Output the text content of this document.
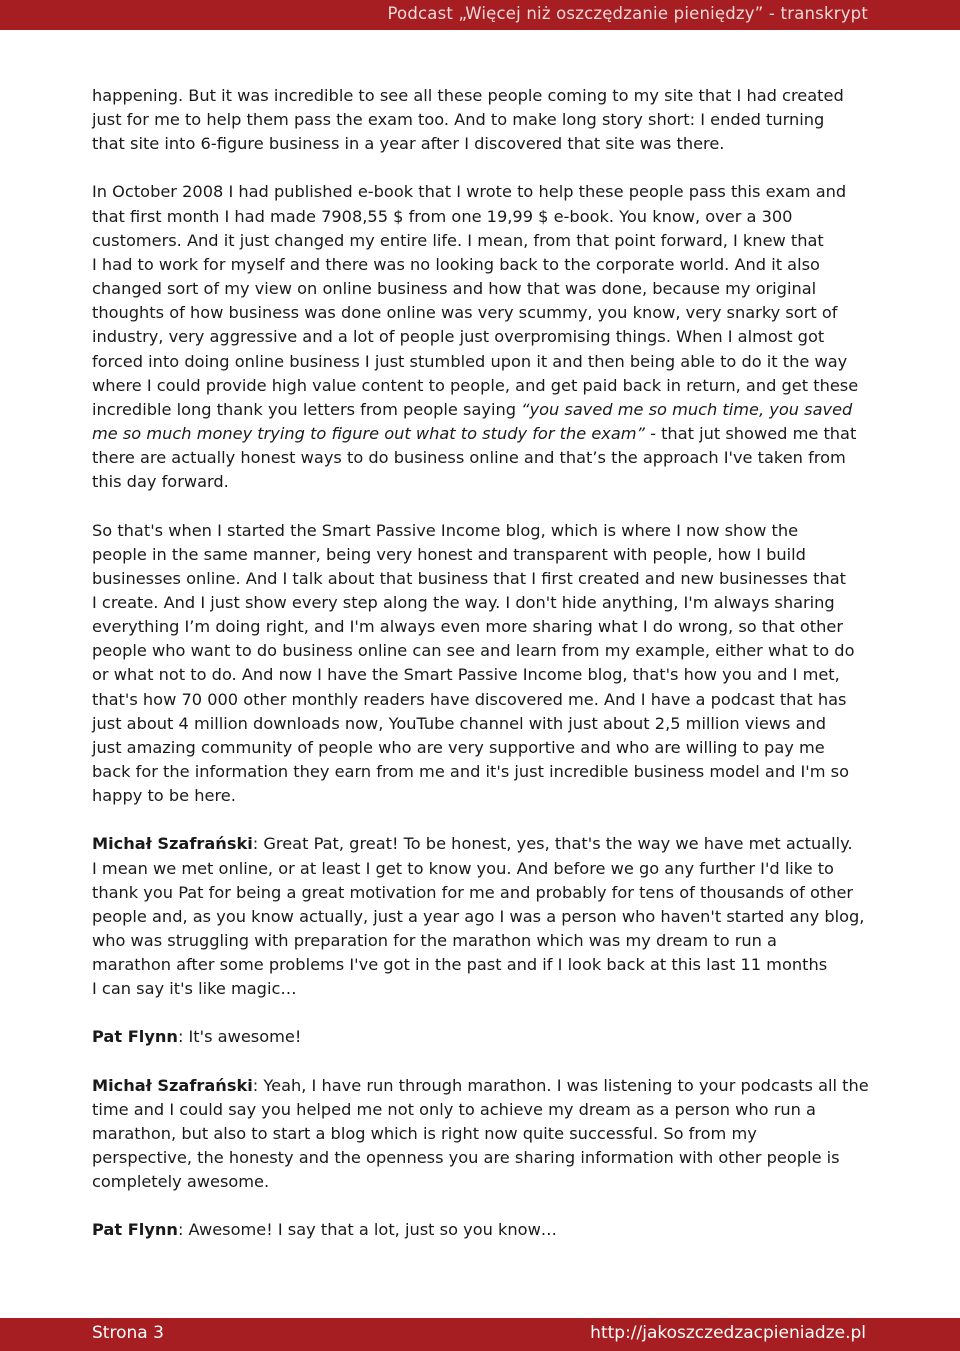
Podcast „Więcej niż oszczędzanie pieniędzy” - transkrypt
happening. But it was incredible to see all these people coming to my site that I had created
just for me to help them pass the exam too. And to make long story short: I ended turning
that site into 6-figure business in a year after I discovered that site was there.
In October 2008 I had published e-book that I wrote to help these people pass this exam and
that first month I had made 7908,55 $ from one 19,99 $ e-book. You know, over a 300
customers. And it just changed my entire life. I mean, from that point forward, I knew that
I had to work for myself and there was no looking back to the corporate world. And it also
changed sort of my view on online business and how that was done, because my original
thoughts of how business was done online was very scummy, you know, very snarky sort of
industry, very aggressive and a lot of people just overpromising things. When I almost got
forced into doing online business I just stumbled upon it and then being able to do it the way
where I could provide high value content to people, and get paid back in return, and get these
incredible long thank you letters from people saying “you saved me so much time, you saved
me so much money trying to figure out what to study for the exam” - that jut showed me that
there are actually honest ways to do business online and that’s the approach I've taken from
this day forward.
So that's when I started the Smart Passive Income blog, which is where I now show the
people in the same manner, being very honest and transparent with people, how I build
businesses online. And I talk about that business that I first created and new businesses that
I create. And I just show every step along the way. I don't hide anything, I'm always sharing
everything I’m doing right, and I'm always even more sharing what I do wrong, so that other
people who want to do business online can see and learn from my example, either what to do
or what not to do. And now I have the Smart Passive Income blog, that's how you and I met,
that's how 70 000 other monthly readers have discovered me. And I have a podcast that has
just about 4 million downloads now, YouTube channel with just about 2,5 million views and
just amazing community of people who are very supportive and who are willing to pay me
back for the information they earn from me and it's just incredible business model and I'm so
happy to be here.
Michał Szafrański: Great Pat, great! To be honest, yes, that's the way we have met actually.
I mean we met online, or at least I get to know you. And before we go any further I'd like to
thank you Pat for being a great motivation for me and probably for tens of thousands of other
people and, as you know actually, just a year ago I was a person who haven't started any blog,
who was struggling with preparation for the marathon which was my dream to run a
marathon after some problems I've got in the past and if I look back at this last 11 months
I can say it's like magic…
Pat Flynn: It's awesome!
Michał Szafrański: Yeah, I have run through marathon. I was listening to your podcasts all the
time and I could say you helped me not only to achieve my dream as a person who run a
marathon, but also to start a blog which is right now quite successful. So from my
perspective, the honesty and the openness you are sharing information with other people is
completely awesome.
Pat Flynn: Awesome! I say that a lot, just so you know…
Strona 3	http://jakoszczedzacpieniadze.pl
